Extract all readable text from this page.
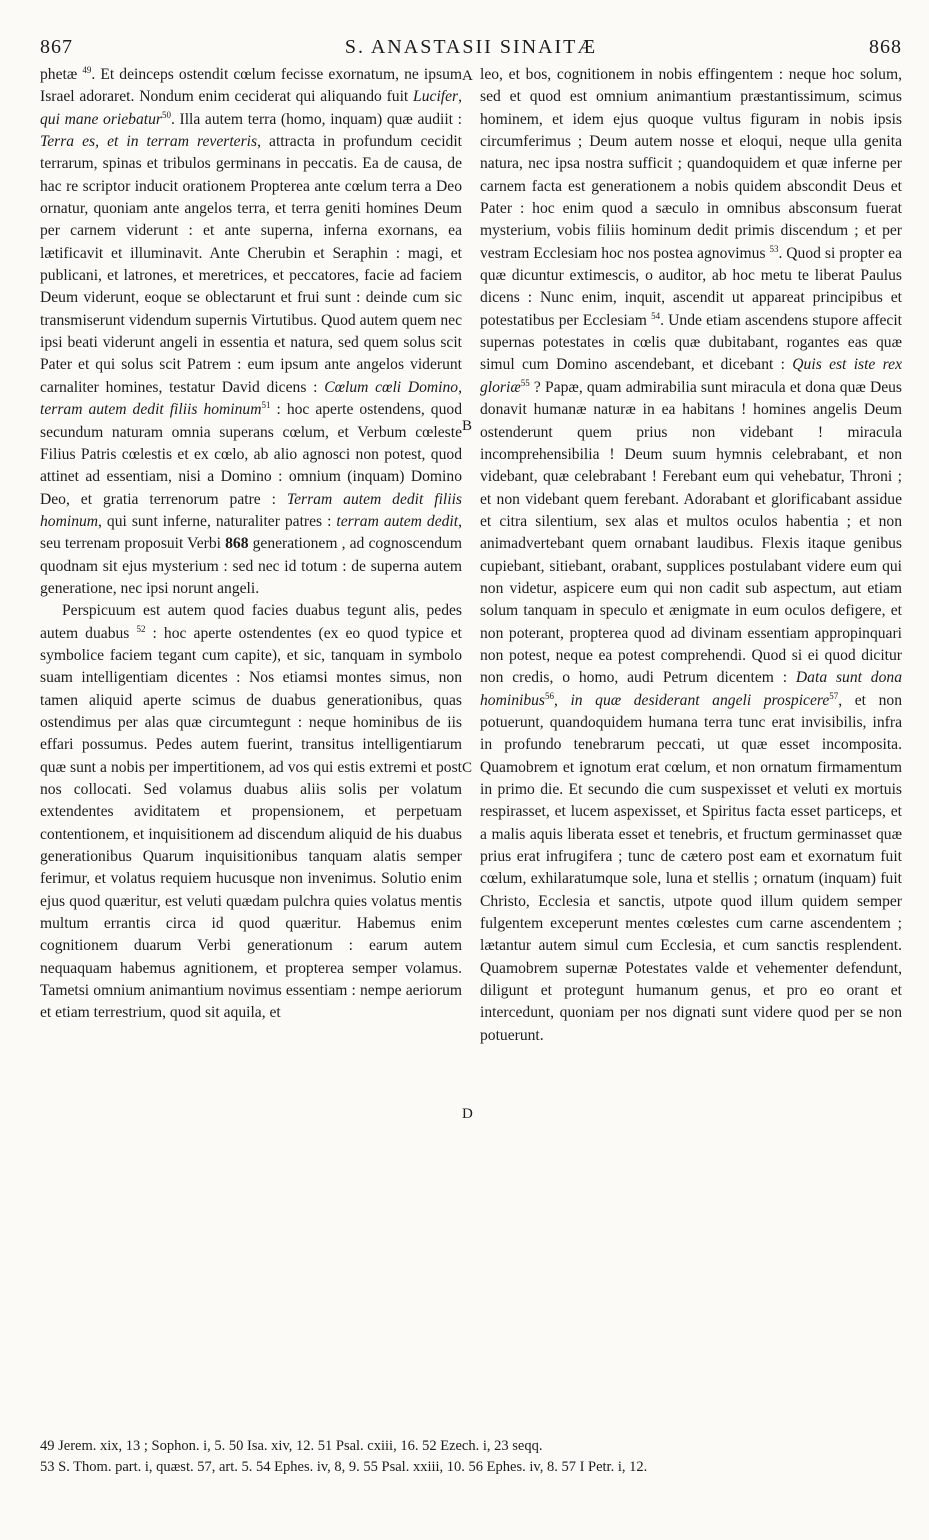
867	S. ANASTASII SINAITÆ	868

phetæ $^{49}$. Et deinceps ostendit cœlum fecisse exornatum, ne ipsum Israel adoraret. Nondum enim ceciderat qui aliquando fuit Lucifer, qui mane oriebatur$^{50}$. Illa autem terra (homo, inquam) quæ audiit : Terra es, et in terram reverteris, attracta in profundum cecidit terrarum, spinas et tribulos germinans in peccatis. Ea de causa, de hac re scriptor inducit orationem Propterea ante cœlum terra a Deo ornatur, quoniam ante angelos terra, et terra geniti homines Deum per carnem viderunt : et ante superna, inferna exornans, ea lætificavit et illuminavit. Ante Cherubin et Seraphin : magi, et publicani, et latrones, et meretrices, et peccatores, facie ad faciem Deum viderunt, eoque se oblectarunt et frui sunt : deinde cum sic transmiserunt videndum supernis Virtutibus. Quod autem quem nec ipsi beati viderunt angeli in essentia et natura, sed quem solus scit Pater et qui solus scit Patrem : eum ipsum ante angelos viderunt carnaliter homines, testatur David dicens : Cœlum cœli Domino, terram autem dedit filiis hominum$^{51}$ : hoc aperte ostendens, quod secundum naturam omnia superans cœlum, et Verbum cœleste Filius Patris cœlestis et ex cœlo, ab alio agnosci non potest, quod attinet ad essentiam, nisi a Domino : omnium (inquam) Domino Deo, et gratia terrenorum patre : Terram autem dedit filiis hominum, qui sunt inferne, naturaliter patres : terram autem dedit, seu terrenam proposuit Verbi 868 generationem , ad cognoscendum quodnam sit ejus mysterium : sed nec id totum : de superna autem generatione, nec ipsi norunt angeli.

Perspicuum est autem quod facies duabus tegunt alis, pedes autem duabus $^{52}$ : hoc aperte ostendentes (ex eo quod typice et symbolice faciem tegant cum capite), et sic, tanquam in symbolo suam intelligentiam dicentes : Nos etiamsi montes simus, non tamen aliquid aperte scimus de duabus generationibus, quas ostendimus per alas quæ circumtegunt : neque hominibus de iis effari possumus. Pedes autem fuerint, transitus intelligentiarum quæ sunt a nobis per impertitionem, ad vos qui estis extremi et post nos collocati. Sed volamus duabus aliis solis per volatum extendentes aviditatem et propensionem, et perpetuam contentionem, et inquisitionem ad discendum aliquid de his duabus generationibus Quarum inquisitionibus tanquam alatis semper ferimur, et volatus requiem hucusque non invenimus. Solutio enim ejus quod quæritur, est veluti quædam pulchra quies volatus mentis multum errantis circa id quod quæritur. Habemus enim cognitionem duarum Verbi generationum : earum autem nequaquam habemus agnitionem, et propterea semper volamus. Tametsi omnium animantium novimus essentiam : nempe aeriorum et etiam terrestrium, quod sit aquila, et

A
B
C
D

leo, et bos, cognitionem in nobis effingentem : neque hoc solum, sed et quod est omnium animantium præstantissimum, scimus hominem, et idem ejus quoque vultus figuram in nobis ipsis circumferimus ; Deum autem nosse et eloqui, neque ulla genita natura, nec ipsa nostra sufficit ; quandoquidem et quæ inferne per carnem facta est generationem a nobis quidem abscondit Deus et Pater : hoc enim quod a sæculo in omnibus absconsum fuerat mysterium, vobis filiis hominum dedit primis discendum ; et per vestram Ecclesiam hoc nos postea agnovimus $^{53}$. Quod si propter ea quæ dicuntur extimescis, o auditor, ab hoc metu te liberat Paulus dicens : Nunc enim, inquit, ascendit ut appareat principibus et potestatibus per Ecclesiam $^{54}$. Unde etiam ascendens stupore affecit supernas potestates in cœlis quæ dubitabant, rogantes eas quæ simul cum Domino ascendebant, et dicebant : Quis est iste rex gloriæ$^{55}$ ? Papæ, quam admirabilia sunt miracula et dona quæ Deus donavit humanæ naturæ in ea habitans ! homines angelis Deum ostenderunt quem prius non videbant ! miracula incomprehensibilia ! Deum suum hymnis celebrabant, et non videbant, quæ celebrabant ! Ferebant eum qui vehebatur, Throni ; et non videbant quem ferebant. Adorabant et glorificabant assidue et citra silentium, sex alas et multos oculos habentia ; et non animadvertebant quem ornabant laudibus. Flexis itaque genibus cupiebant, sitiebant, orabant, supplices postulabant videre eum qui non videtur, aspicere eum qui non cadit sub aspectum, aut etiam solum tanquam in speculo et ænigmate in eum oculos defigere, et non poterant, propterea quod ad divinam essentiam appropinquari non potest, neque ea potest comprehendi. Quod si ei quod dicitur non credis, o homo, audi Petrum dicentem : Data sunt dona hominibus$^{56}$, in quæ desiderant angeli prospicere$^{57}$, et non potuerunt, quandoquidem humana terra tunc erat invisibilis, infra in profundo tenebrarum peccati, ut quæ esset incomposita. Quamobrem et ignotum erat cœlum, et non ornatum firmamentum in primo die. Et secundo die cum suspexisset et veluti ex mortuis respirasset, et lucem aspexisset, et Spiritus facta esset particeps, et a malis aquis liberata esset et tenebris, et fructum germinasset quæ prius erat infrugifera ; tunc de cætero post eam et exornatum fuit cœlum, exhilaratumque sole, luna et stellis ; ornatum (inquam) fuit Christo, Ecclesia et sanctis, utpote quod illum quidem semper fulgentem exceperunt mentes cœlestes cum carne ascendentem ; lætantur autem simul cum Ecclesia, et cum sanctis resplendent. Quamobrem supernæ Potestates valde et vehementer defendunt, diligunt et protegunt humanum genus, et pro eo orant et intercedunt, quoniam per nos dignati sunt videre quod per se non potuerunt.

49 Jerem. xix, 13 ; Sophon. i, 5. 50 Isa. xiv, 12. 51 Psal. cxiii, 16. 52 Ezech. i, 23 seqq.

53 S. Thom. part. i, quæst. 57, art. 5. 54 Ephes. iv, 8, 9. 55 Psal. xxiii, 10. 56 Ephes. iv, 8. 57 I Petr. i, 12.
